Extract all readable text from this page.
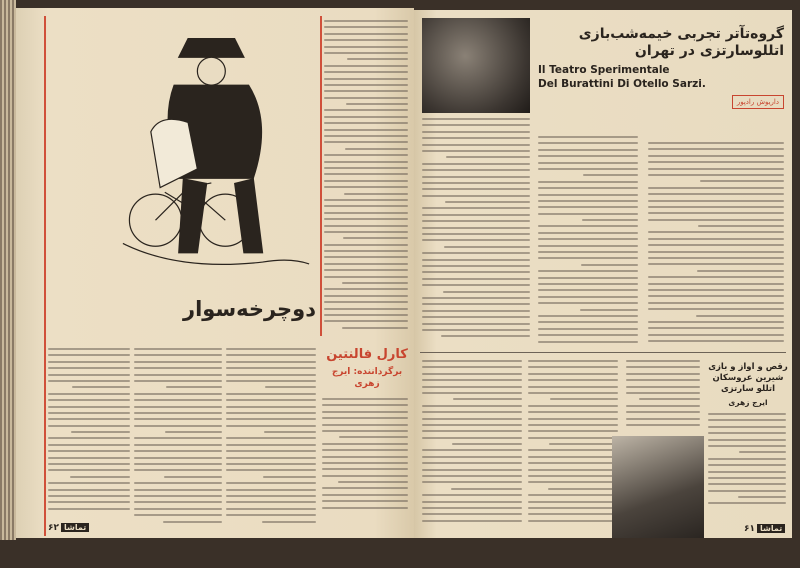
دوچرخه‌سوار
کارل فالنتین
برگرداننده: ایرج زهری
تماشا۶۲
گروه‌تآتر تجربی خیمه‌شب‌بازی اتللوسارتزی در تهران
Il Teatro Sperimentale
Del Burattini Di Otello Sarzi.
داریوش رادپور
رقص و آواز و بازی شیرین عروسکان اتللو سارتزی
ایرج زهری
تماشا۶۱
